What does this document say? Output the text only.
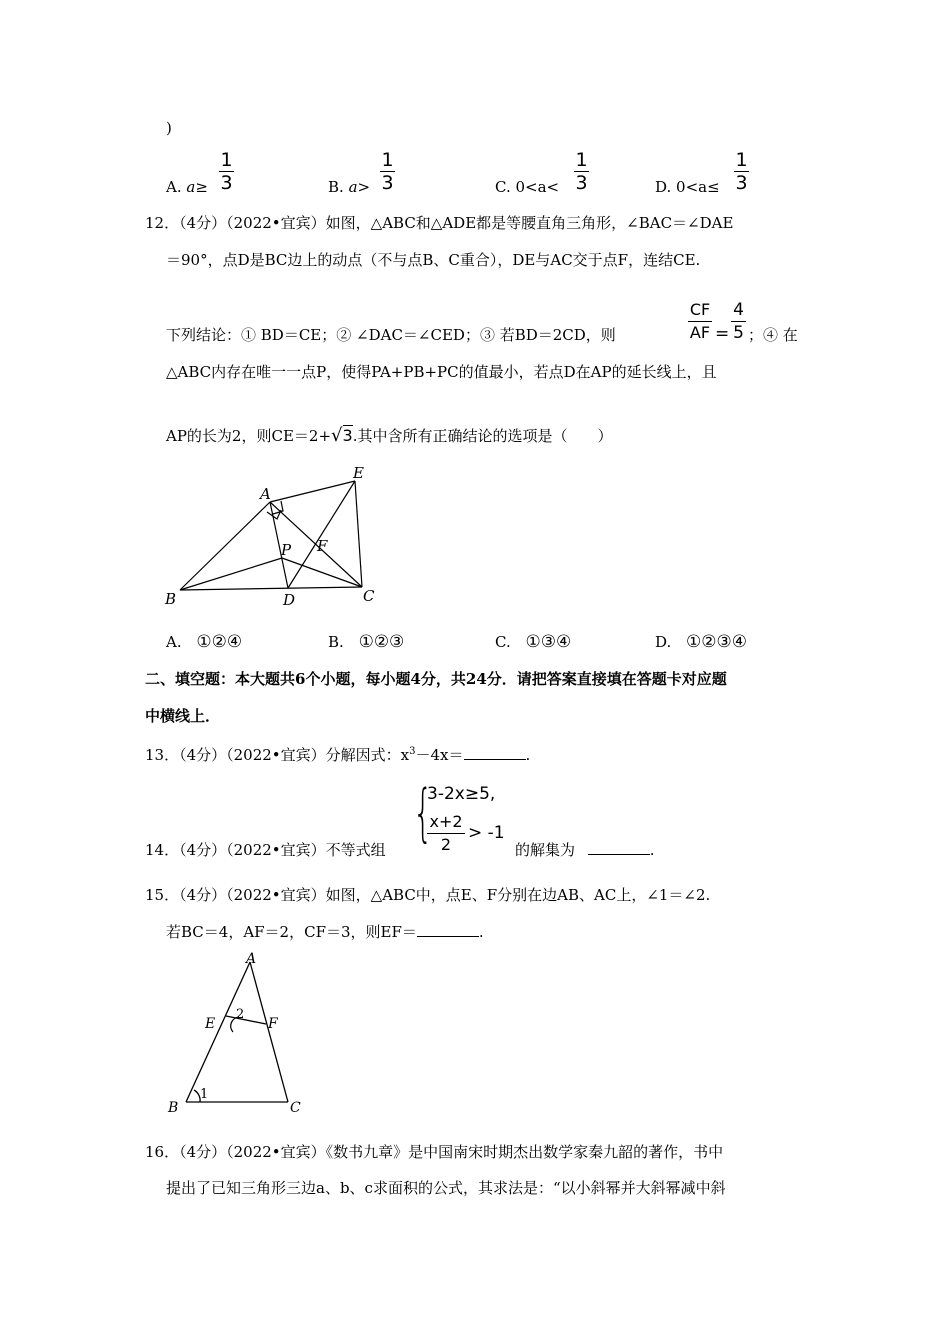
)
A. a≥
1
3	B. a>
1
3	C. 0<a<
1
3	D. 0<a≤
1
3
12．（4分）（2022•宜宾）如图，△ABC和△ADE都是等腰直角三角形，∠BAC＝∠DAE
＝90°，点D是BC边上的动点（不与点B、C重合），DE与AC交于点F，连结CE.
下列结论：① BD＝CE；② ∠DAC＝∠CED；③ 若BD＝2CD，则
CF
AF =
4
5 ；④ 在
△ABC内存在唯一一点P，使得PA+PB+PC的值最小，若点D在AP的延长线上，且
AP的长为2，则CE＝2+√3.其中含所有正确结论的选项是（　　）
A
B	C
D
E
F
P
A. ①②④	B. ①②③	C. ①③④	D. ①②③④
二、填空题：本大题共6个小题，每小题4分，共24分．请把答案直接填在答题卡对应题
中横线上．
13．（4分）（2022•宜宾）分解因式：$x^3-4x=$	.
14．（4分）（2022•宜宾）不等式组
{
3-2x≥5,
x+2
2
> -1
的解集为	.
15．（4分）（2022•宜宾）如图，△ABC中，点E、F分别在边AB、AC上，∠1＝∠2.
若BC＝4，AF＝2，CF＝3，则EF＝	.
A
B	C
E	F
1
2
16．（4分）（2022•宜宾）《数书九章》是中国南宋时期杰出数学家秦九韶的著作，书中
提出了已知三角形三边a、b、c求面积的公式，其求法是：“以小斜幂并大斜幂减中斜
